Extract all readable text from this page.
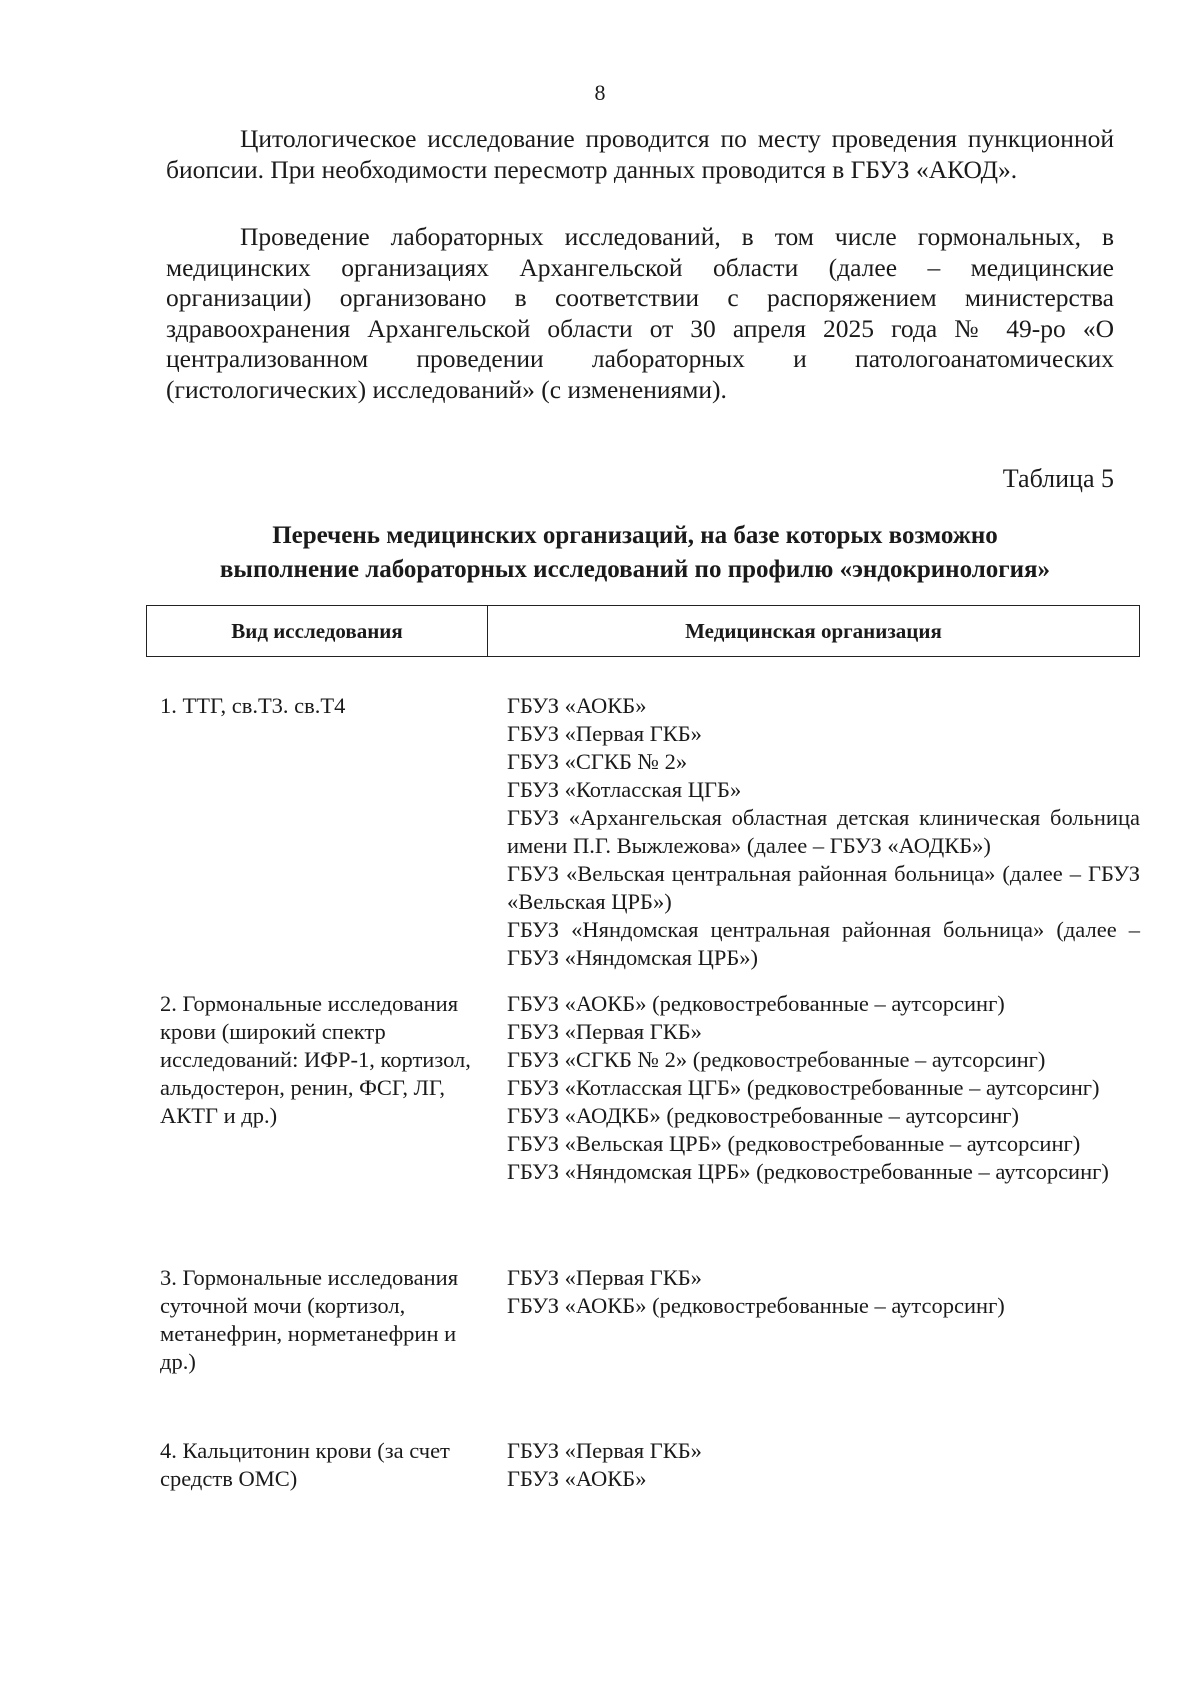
8

Цитологическое исследование проводится по месту проведения пункционной биопсии. При необходимости пересмотр данных проводится в ГБУЗ «АКОД».

Проведение лабораторных исследований, в том числе гормональных, в медицинских организациях Архангельской области (далее – медицинские организации) организовано в соответствии с распоряжением министерства здравоохранения Архангельской области от 30 апреля 2025 года № 49-ро «О централизованном проведении лабораторных и патологоанатомических (гистологических) исследований» (с изменениями).

Таблица 5
Перечень медицинских организаций, на базе которых возможно
выполнение лабораторных исследований по профилю «эндокринология»
Вид исследования	Медицинская организация
1. ТТГ, св.Т3. св.Т4	ГБУЗ «АОКБ»
ГБУЗ «Первая ГКБ»
ГБУЗ «СГКБ № 2»
ГБУЗ «Котласская ЦГБ»
ГБУЗ «Архангельская областная детская клиническая больница имени П.Г. Выжлежова» (далее – ГБУЗ «АОДКБ»)
ГБУЗ «Вельская центральная районная больница» (далее – ГБУЗ «Вельская ЦРБ»)
ГБУЗ «Няндомская центральная районная больница» (далее – ГБУЗ «Няндомская ЦРБ»)
2. Гормональные исследования крови (широкий спектр исследований: ИФР-1, кортизол, альдостерон, ренин, ФСГ, ЛГ, АКТГ и др.)
ГБУЗ «АОКБ» (редковостребованные – аутсорсинг)
ГБУЗ «Первая ГКБ»
ГБУЗ «СГКБ № 2» (редковостребованные – аутсорсинг)
ГБУЗ «Котласская ЦГБ» (редковостребованные – аутсорсинг)
ГБУЗ «АОДКБ» (редковостребованные – аутсорсинг)
ГБУЗ «Вельская ЦРБ» (редковостребованные – аутсорсинг)
ГБУЗ «Няндомская ЦРБ» (редковостребованные – аутсорсинг)
3. Гормональные исследования суточной мочи (кортизол, метанефрин, норметанефрин и др.)
ГБУЗ «Первая ГКБ»
ГБУЗ «АОКБ» (редковостребованные – аутсорсинг)
4. Кальцитонин крови (за счет средств ОМС)
ГБУЗ «Первая ГКБ»
ГБУЗ «АОКБ»
